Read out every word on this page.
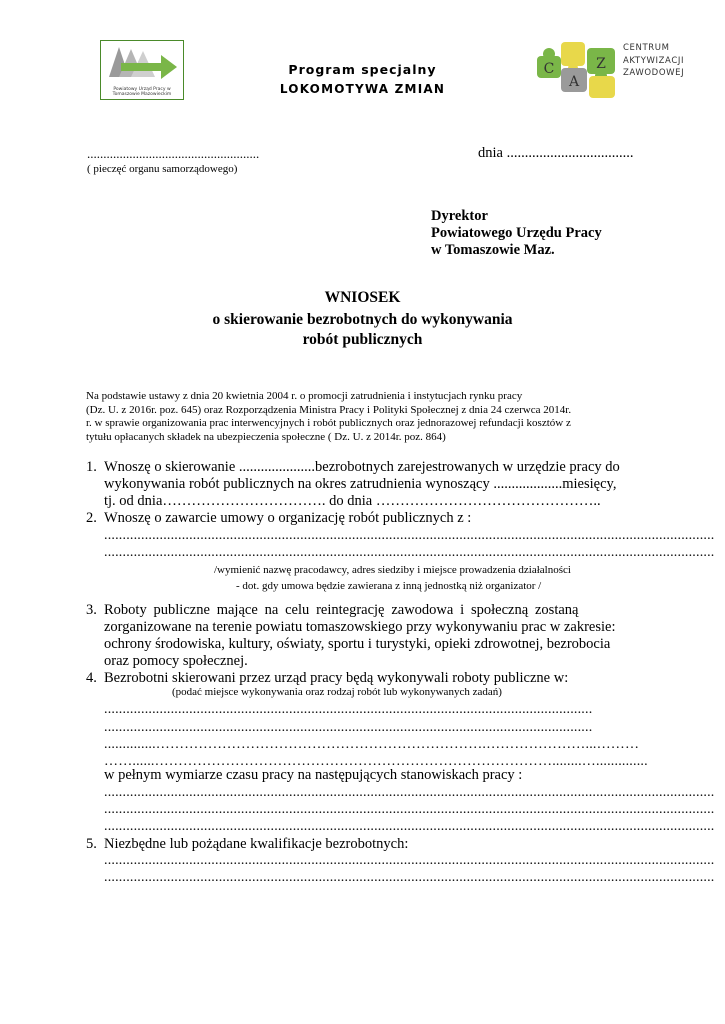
Powiatowy Urząd Pracy w Tomaszowie Mazowieckim
Program specjalny
LOKOMOTYWA ZMIAN
C
A
Z
CENTRUM
AKTYWIZACJI
ZAWODOWEJ
.....................................................
( pieczęć organu samorządowego)
dnia ...................................
Dyrektor
Powiatowego Urzędu Pracy
w Tomaszowie Maz.
WNIOSEK
o skierowanie bezrobotnych do wykonywania
robót publicznych
Na podstawie ustawy z dnia 20 kwietnia 2004 r. o promocji zatrudnienia i instytucjach rynku pracy
(Dz. U. z 2016r. poz. 645) oraz Rozporządzenia Ministra Pracy i Polityki Społecznej z dnia 24 czerwca 2014r.
r. w sprawie organizowania prac interwencyjnych i robót publicznych oraz jednorazowej refundacji kosztów z
tytułu opłacanych składek na ubezpieczenia społeczne ( Dz. U. z 2014r. poz. 864)
1. Wnoszę o skierowanie .....................bezrobotnych zarejestrowanych w urzędzie pracy do
wykonywania robót publicznych na okres zatrudnienia wynoszący ...................miesięcy,
tj. od dnia……………………………. do dnia ………………………………………..
2. Wnoszę o zawarcie umowy o organizację robót publicznych z :
.....................................................................................................................................................................
.....................................................................................................................................................................
/wymienić nazwę pracodawcy, adres siedziby i miejsce prowadzenia działalności
- dot. gdy umowa będzie zawierana z inną jednostką niż organizator /
3. Roboty publiczne mające na celu reintegrację zawodowa i społeczną zostaną
zorganizowane na terenie powiatu tomaszowskiego przy wykonywaniu prac w zakresie:
ochrony środowiska, kultury, oświaty, sportu i turystyki, opieki zdrowotnej, bezrobocia
oraz pomocy społecznej.
4. Bezrobotni skierowani przez urząd pracy będą wykonywali roboty publiczne w:
(podać miejsce wykonywania oraz rodzaj robót lub wykonywanych zadań)
....................................................................................................................................
....................................................................................................................................
..............…………………………………………………………….…………………...………
……......…………………………………………………………………………........…..............
w pełnym wymiarze czasu pracy na następujących stanowiskach pracy :
.....................................................................................................................................................................
.....................................................................................................................................................................
.....................................................................................................................................................................
5. Niezbędne lub pożądane kwalifikacje bezrobotnych:
.....................................................................................................................................................................
.....................................................................................................................................................................
